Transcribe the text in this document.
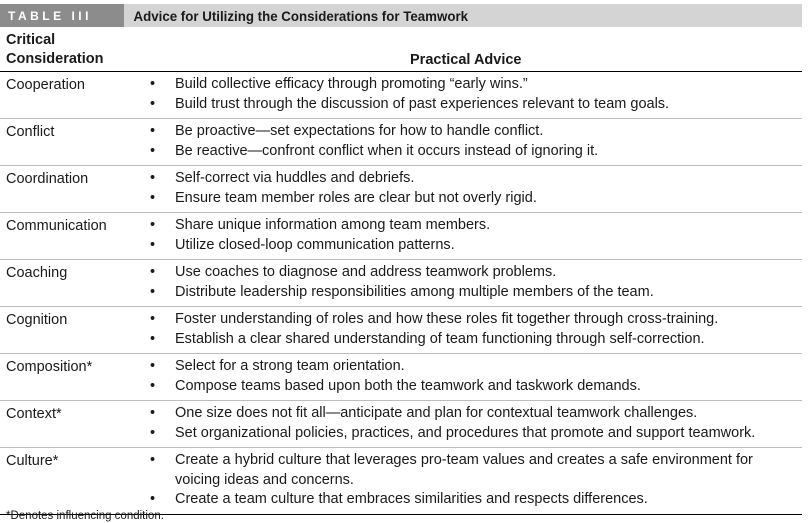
TABLE III	Advice for Utilizing the Considerations for Teamwork
Critical
Consideration	Practical Advice
Cooperation	•	Build collective efficacy through promoting “early wins.”
•	Build trust through the discussion of past experiences relevant to team goals.
Conflict	•	Be proactive—set expectations for how to handle conflict.
•	Be reactive—confront conflict when it occurs instead of ignoring it.
Coordination	•	Self-correct via huddles and debriefs.
•	Ensure team member roles are clear but not overly rigid.
Communication	•	Share unique information among team members.
•	Utilize closed-loop communication patterns.
Coaching	•	Use coaches to diagnose and address teamwork problems.
•	Distribute leadership responsibilities among multiple members of the team.
Cognition	•	Foster understanding of roles and how these roles fit together through cross-training.
•	Establish a clear shared understanding of team functioning through self-correction.
Composition*	•	Select for a strong team orientation.
•	Compose teams based upon both the teamwork and taskwork demands.
Context*	•	One size does not fit all—anticipate and plan for contextual teamwork challenges.
•	Set organizational policies, practices, and procedures that promote and support teamwork.
Culture*	•	Create a hybrid culture that leverages pro-team values and creates a safe environment for voicing ideas and concerns.
•	Create a team culture that embraces similarities and respects differences.
*Denotes influencing condition.
